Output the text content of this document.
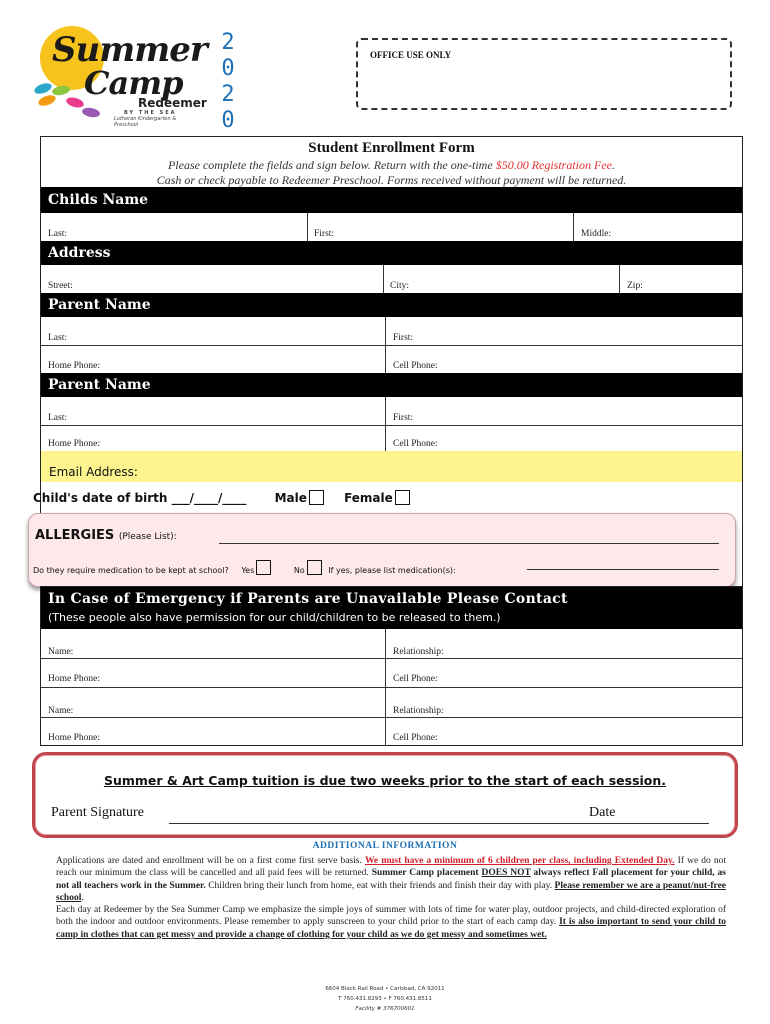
Summer
Camp
Redeemer
BY THE SEA
Lutheran Kindergarten & Preschool
2
0
2
0
OFFICE USE ONLY
Childs Name
Last:	First:	Middle:
Address
Street:	City:	Zip:
Parent Name
Last:	First:
Home Phone:	Cell Phone:
Parent Name
Last:	First:
Home Phone:	Cell Phone:
Email Address:
Student Enrollment Form
Please complete the fields and sign below. Return with the one-time $50.00 Registration Fee.
Cash or check payable to Redeemer Preschool. Forms received without payment will be returned.
Child's date of birth ___/____/____ Male	Female
ALLERGIES (Please List):
Do they require medication to be kept at school? Yes	No	If yes, please list medication(s):
In Case of Emergency if Parents are Unavailable Please Contact
(These people also have permission for our child/children to be released to them.)
Name:	Relationship:
Home Phone:	Cell Phone:
Name:	Relationship:
Home Phone:	Cell Phone:
Summer & Art Camp tuition is due two weeks prior to the start of each session.
Parent Signature	Date
ADDITIONAL INFORMATION
Applications are dated and enrollment will be on a first come first serve basis. We must have a minimum of 6 children per class, including Extended Day. If we do not reach our minimum the class will be cancelled and all paid fees will be returned. Summer Camp placement DOES NOT always reflect Fall placement for your child, as not all teachers work in the Summer. Children bring their lunch from home, eat with their friends and finish their day with play. Please remember we are a peanut/nut-free school.
Each day at Redeemer by the Sea Summer Camp we emphasize the simple joys of summer with lots of time for water play, outdoor projects, and child-directed exploration of both the indoor and outdoor environments. Please remember to apply sunscreen to your child prior to the start of each camp day. It is also important to send your child to camp in clothes that can get messy and provide a change of clothing for your child as we do get messy and sometimes wet.
6604 Black Rail Road • Carlsbad, CA 92011
T 760.431.8293 • F 760.431.8511
Facility # 376700601
